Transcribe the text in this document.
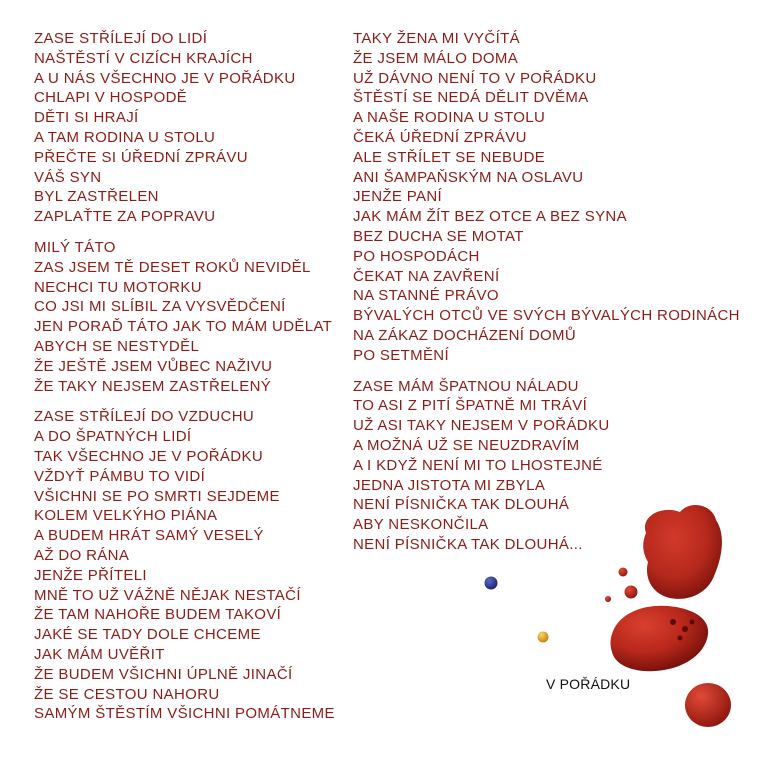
ZASE STŘÍLEJÍ DO LIDÍ
NAŠTĚSTÍ V CIZÍCH KRAJÍCH
A U NÁS VŠECHNO JE V POŘÁDKU
CHLAPI V HOSPODĚ
DĚTI SI HRAJÍ
A TAM RODINA U STOLU
PŘEČTE SI ÚŘEDNÍ ZPRÁVU
VÁŠ SYN
BYL ZASTŘELEN
ZAPLAŤTE ZA POPRAVU
MILÝ TÁTO
ZAS JSEM TĚ DESET ROKŮ NEVIDĚL
NECHCI TU MOTORKU
CO JSI MI SLÍBIL ZA VYSVĚDČENÍ
JEN PORAĎ TÁTO JAK TO MÁM UDĚLAT
ABYCH SE NESTYDĚL
ŽE JEŠTĚ JSEM VŮBEC NAŽIVU
ŽE TAKY NEJSEM ZASTŘELENÝ
ZASE STŘÍLEJÍ DO VZDUCHU
A DO ŠPATNÝCH LIDÍ
TAK VŠECHNO JE V POŘÁDKU
VŽDYŤ PÁMBU TO VIDÍ
VŠICHNI SE PO SMRTI SEJDEME
KOLEM VELKÝHO PIÁNA
A BUDEM HRÁT SAMÝ VESELÝ
AŽ DO RÁNA
JENŽE PŘÍTELI
MNĚ TO UŽ VÁŽNĚ NĚJAK NESTAČÍ
ŽE TAM NAHOŘE BUDEM TAKOVÍ
JAKÉ SE TADY DOLE CHCEME
JAK MÁM UVĚŘIT
ŽE BUDEM VŠICHNI ÚPLNĚ JINAČÍ
ŽE SE CESTOU NAHORU
SAMÝM ŠTĚSTÍM VŠICHNI POMÁTNEME
TAKY ŽENA MI VYČÍTÁ
ŽE JSEM MÁLO DOMA
UŽ DÁVNO NENÍ TO V POŘÁDKU
ŠTĚSTÍ SE NEDÁ DĚLIT DVĚMA
A NAŠE RODINA U STOLU
ČEKÁ ÚŘEDNÍ ZPRÁVU
ALE STŘÍLET SE NEBUDE
ANI ŠAMPAŇSKÝM NA OSLAVU
JENŽE PANÍ
JAK MÁM ŽÍT BEZ OTCE A BEZ SYNA
BEZ DUCHA SE MOTAT
PO HOSPODÁCH
ČEKAT NA ZAVŘENÍ
NA STANNÉ PRÁVO
BÝVALÝCH OTCŮ VE SVÝCH BÝVALÝCH RODINÁCH
NA ZÁKAZ DOCHÁZENÍ DOMŮ
PO SETMĚNÍ
ZASE MÁM ŠPATNOU NÁLADU
TO ASI Z PITÍ ŠPATNĚ MI TRÁVÍ
UŽ ASI TAKY NEJSEM V POŘÁDKU
A MOŽNÁ UŽ SE NEUZDRAVÍM
A I KDYŽ NENÍ MI TO LHOSTEJNÉ
JEDNA JISTOTA MI ZBYLA
NENÍ PÍSNIČKA TAK DLOUHÁ
ABY NESKONČILA
NENÍ PÍSNIČKA TAK DLOUHÁ...
V POŘÁDKU
